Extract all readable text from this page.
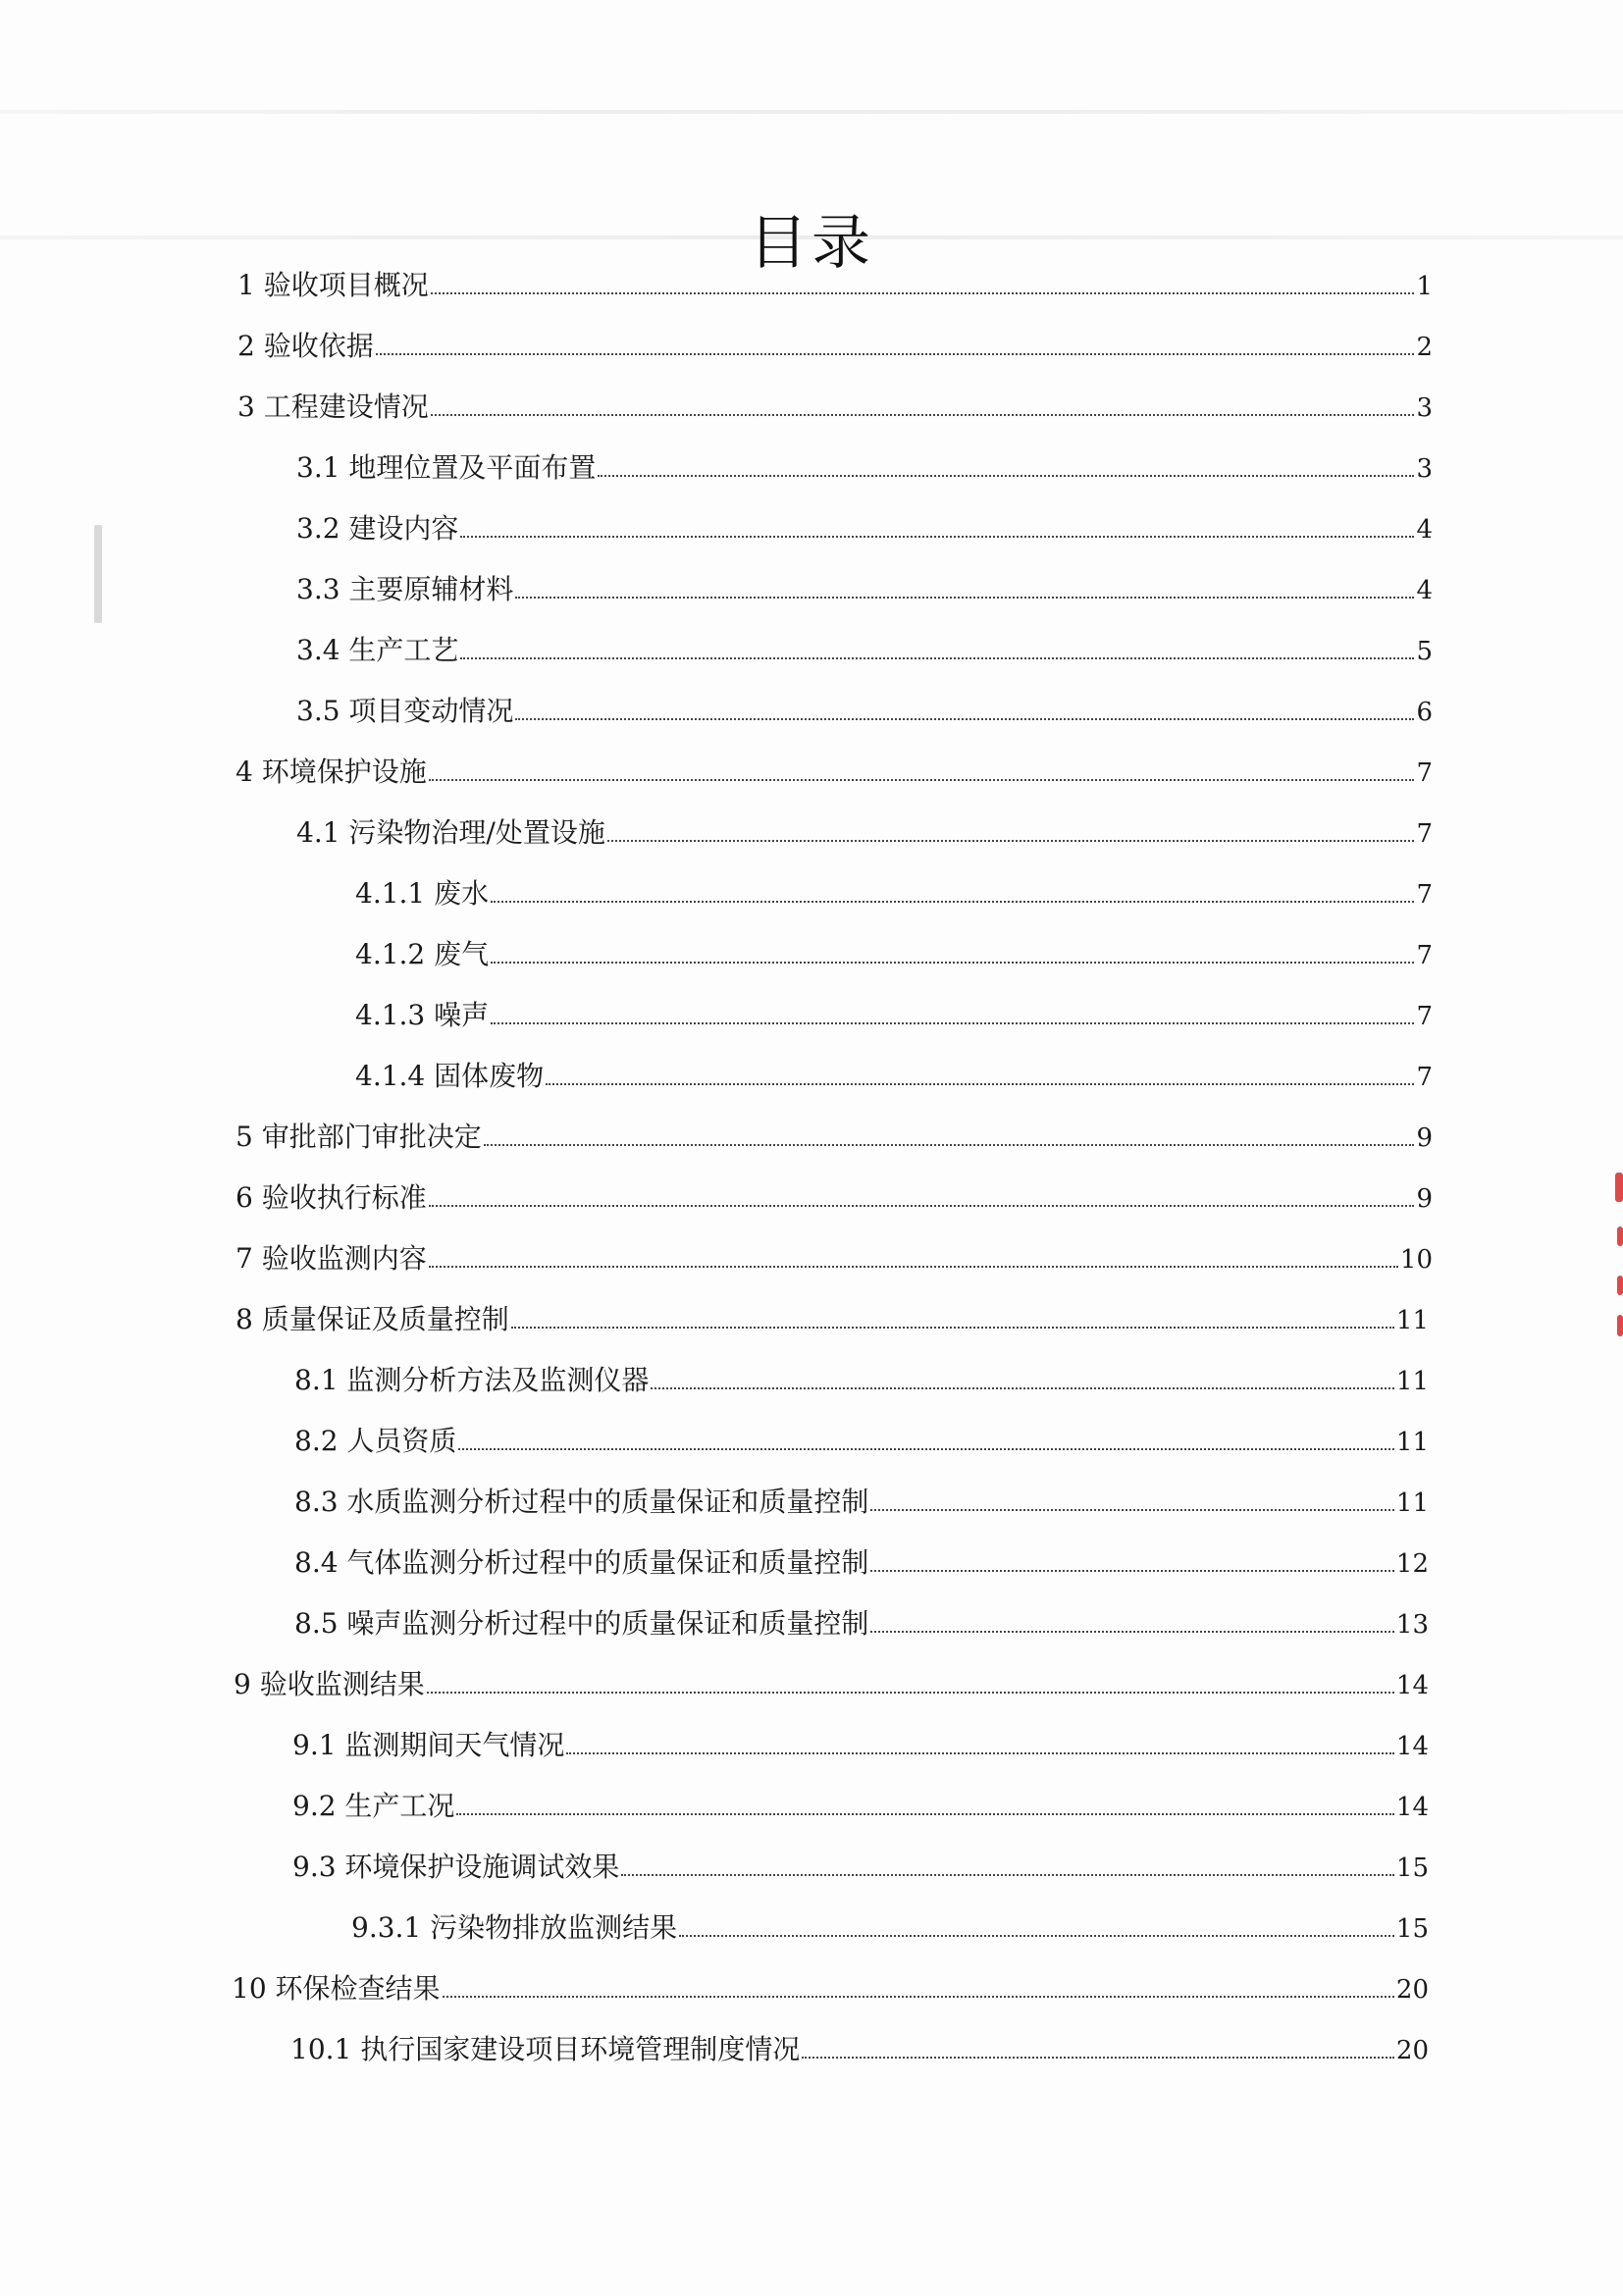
目录
1 验收项目概况	1
2 验收依据	2
3 工程建设情况	3
3.1 地理位置及平面布置	3
3.2 建设内容	4
3.3 主要原辅材料	4
3.4 生产工艺	5
3.5 项目变动情况	6
4 环境保护设施	7
4.1 污染物治理/处置设施	7
4.1.1 废水	7
4.1.2 废气	7
4.1.3 噪声	7
4.1.4 固体废物	7
5 审批部门审批决定	9
6 验收执行标准	9
7 验收监测内容	10
8 质量保证及质量控制	11
8.1 监测分析方法及监测仪器	11
8.2 人员资质	11
8.3 水质监测分析过程中的质量保证和质量控制	11
8.4 气体监测分析过程中的质量保证和质量控制	12
8.5 噪声监测分析过程中的质量保证和质量控制	13
9 验收监测结果	14
9.1 监测期间天气情况	14
9.2 生产工况	14
9.3 环境保护设施调试效果	15
9.3.1 污染物排放监测结果	15
10 环保检查结果	20
10.1 执行国家建设项目环境管理制度情况	20
